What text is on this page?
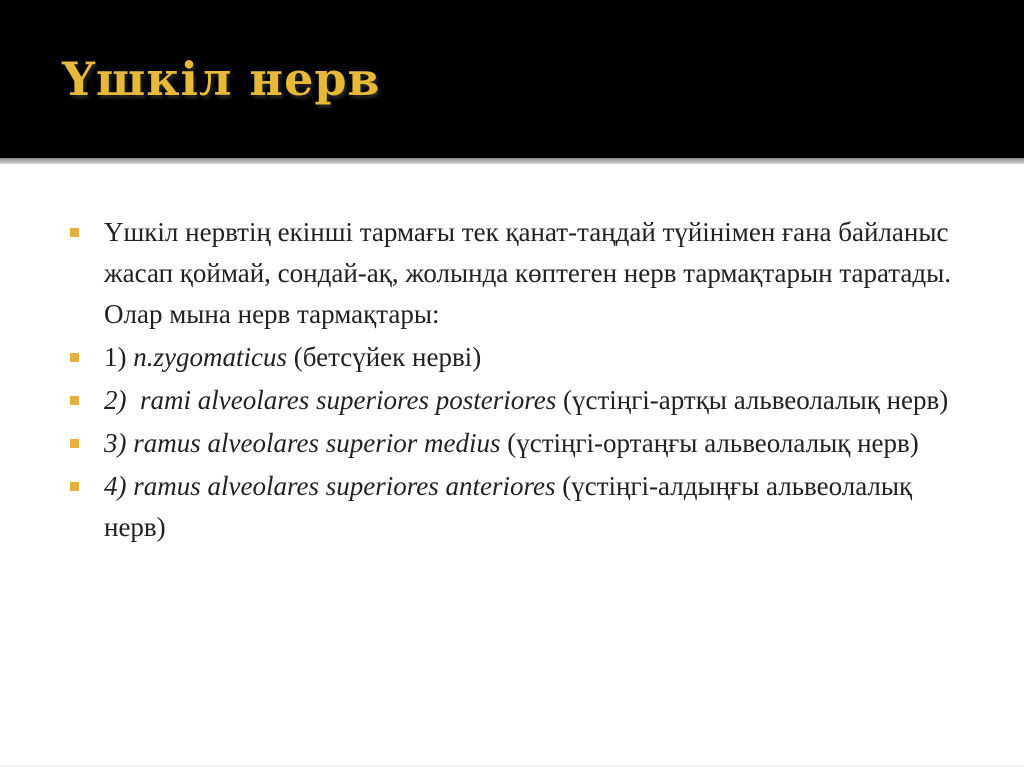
Үшкіл нерв
Үшкіл нервтің екінші тармағы тек қанат-таңдай түйінімен ғана байланыс жасап қоймай, сондай-ақ, жолында көптеген нерв тармақтарын таратады. Олар мына нерв тармақтары:
1) n.zygomaticus (бетсүйек нерві)
2)  rami alveolares superiores posteriores (үстіңгі-артқы альвеолалық нерв)
3) ramus alveolares superior medius (үстіңгі-ортаңғы альвеолалық нерв)
4) ramus alveolares superiores anteriores (үстіңгі-алдыңғы альвеолалық нерв)
